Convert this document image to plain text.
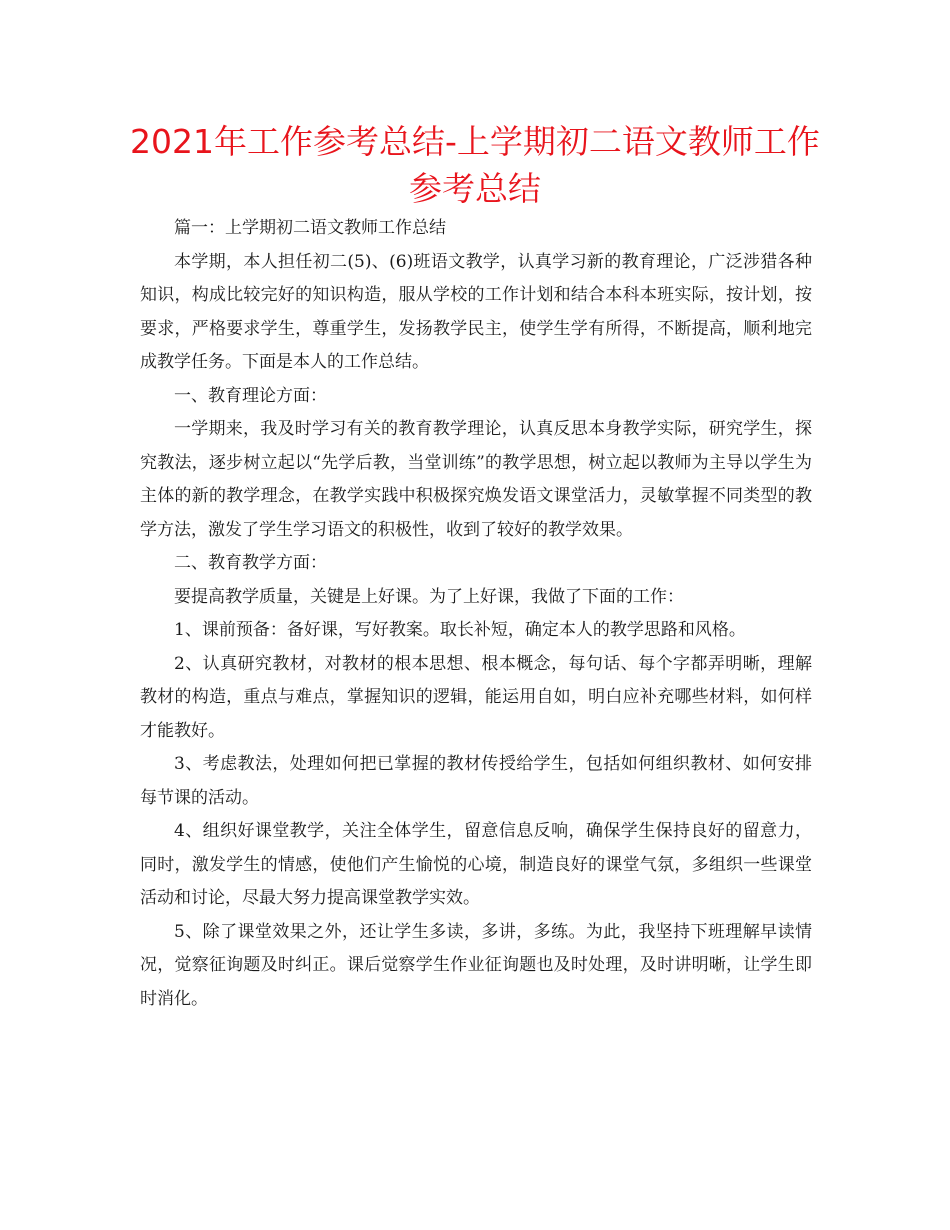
2021年工作参考总结-上学期初二语文教师工作
参考总结

篇一：上学期初二语文教师工作总结

本学期，本人担任初二(5)、(6)班语文教学，认真学习新的教育理论，广泛涉猎各种知识，构成比较完好的知识构造，服从学校的工作计划和结合本科本班实际，按计划，按要求，严格要求学生，尊重学生，发扬教学民主，使学生学有所得，不断提高，顺利地完成教学任务。下面是本人的工作总结。

一、教育理论方面：

一学期来，我及时学习有关的教育教学理论，认真反思本身教学实际，研究学生，探究教法，逐步树立起以“先学后教，当堂训练”的教学思想，树立起以教师为主导以学生为主体的新的教学理念，在教学实践中积极探究焕发语文课堂活力，灵敏掌握不同类型的教学方法，激发了学生学习语文的积极性，收到了较好的教学效果。

二、教育教学方面：

要提高教学质量，关键是上好课。为了上好课，我做了下面的工作：

1、课前预备：备好课，写好教案。取长补短，确定本人的教学思路和风格。

2、认真研究教材，对教材的根本思想、根本概念，每句话、每个字都弄明晰，理解教材的构造，重点与难点，掌握知识的逻辑，能运用自如，明白应补充哪些材料，如何样才能教好。

3、考虑教法，处理如何把已掌握的教材传授给学生，包括如何组织教材、如何安排每节课的活动。

4、组织好课堂教学，关注全体学生，留意信息反响，确保学生保持良好的留意力，同时，激发学生的情感，使他们产生愉悦的心境，制造良好的课堂气氛，多组织一些课堂活动和讨论，尽最大努力提高课堂教学实效。

5、除了课堂效果之外，还让学生多读，多讲，多练。为此，我坚持下班理解早读情况，觉察征询题及时纠正。课后觉察学生作业征询题也及时处理，及时讲明晰，让学生即时消化。
